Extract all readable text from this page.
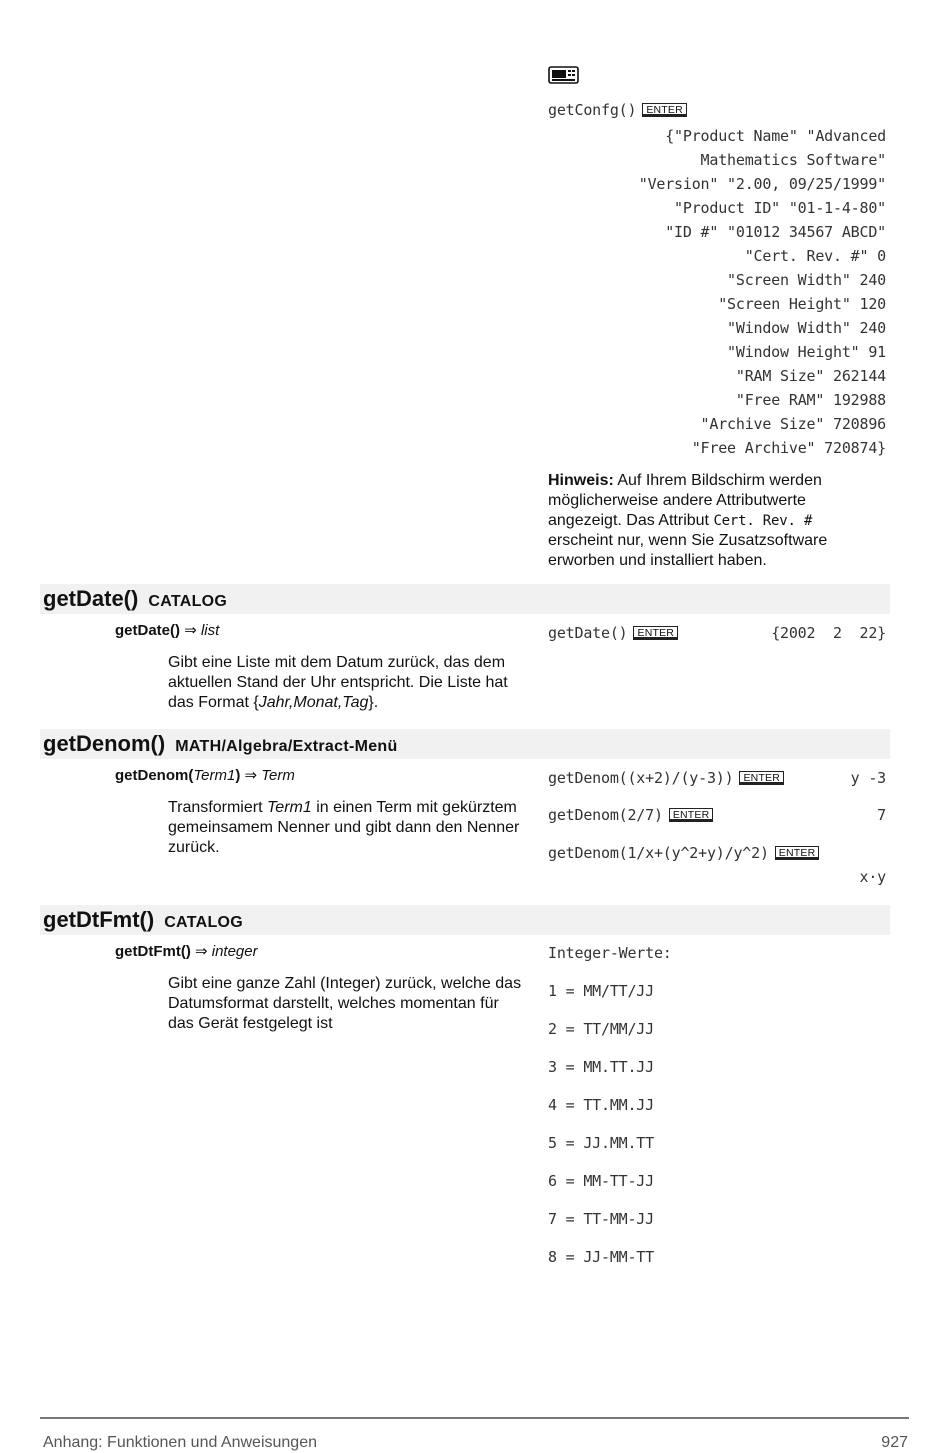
getConfg() ENTER
{"Product Name" "Advanced
Mathematics Software"
"Version" "2.00, 09/25/1999"
"Product ID" "01-1-4-80"
"ID #" "01012 34567 ABCD"
"Cert. Rev. #" 0
"Screen Width" 240
"Screen Height" 120
"Window Width" 240
"Window Height" 91
"RAM Size" 262144
"Free RAM" 192988
"Archive Size" 720896
"Free Archive" 720874}
Hinweis: Auf Ihrem Bildschirm werden möglicherweise andere Attributwerte angezeigt. Das Attribut Cert. Rev. # erscheint nur, wenn Sie Zusatzsoftware erworben und installiert haben.
getDate() CATALOG
getDate() ⇒ list
Gibt eine Liste mit dem Datum zurück, das dem aktuellen Stand der Uhr entspricht. Die Liste hat das Format {Jahr,Monat,Tag}.
getDate() ENTER	{2002  2  22}
getDenom() MATH/Algebra/Extract-Menü
getDenom(Term1) ⇒ Term
Transformiert Term1 in einen Term mit gekürztem gemeinsamem Nenner und gibt dann den Nenner zurück.
getDenom((x+2)/(y-3)) ENTER	y -3
getDenom(2/7) ENTER	7
getDenom(1/x+(y^2+y)/y^2) ENTER
x·y
getDtFmt() CATALOG
getDtFmt() ⇒ integer
Gibt eine ganze Zahl (Integer) zurück, welche das Datumsformat darstellt, welches momentan für das Gerät festgelegt ist
Integer-Werte:
1 = MM/TT/JJ
2 = TT/MM/JJ
3 = MM.TT.JJ
4 = TT.MM.JJ
5 = JJ.MM.TT
6 = MM-TT-JJ
7 = TT-MM-JJ
8 = JJ-MM-TT
Anhang: Funktionen und Anweisungen	927
